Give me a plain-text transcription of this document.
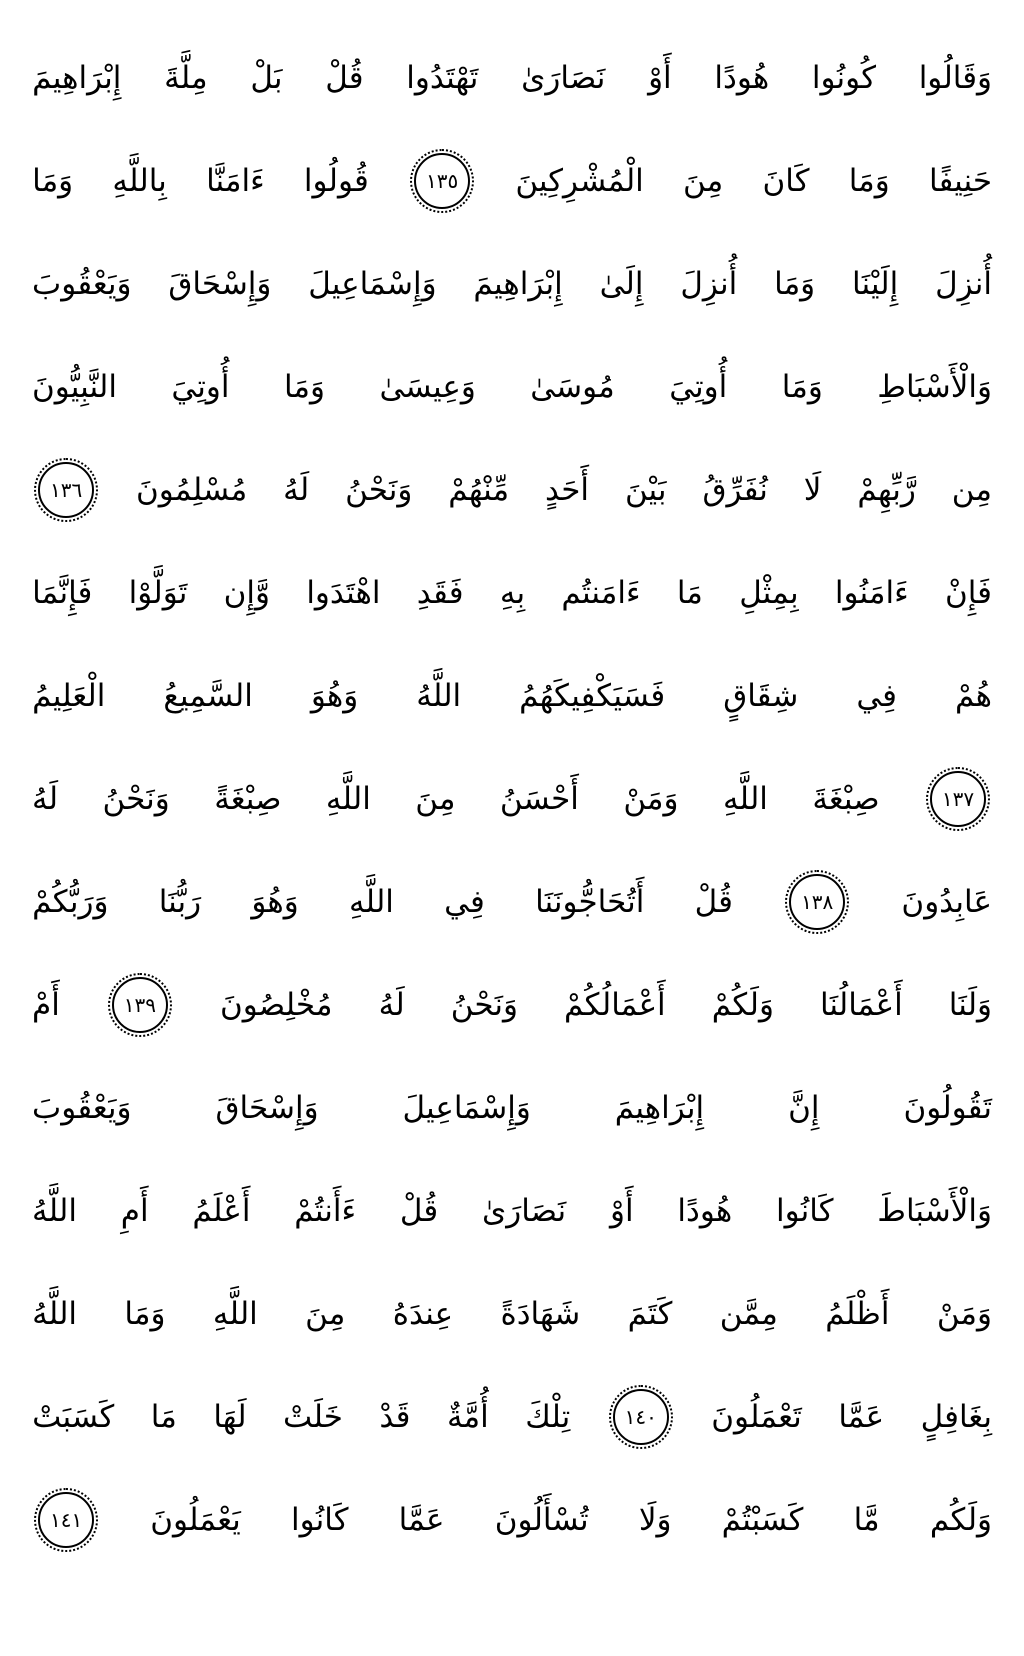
وَقَالُوا
كُونُوا
هُودًا
أَوْ
نَصَارَىٰ
تَهْتَدُوا
قُلْ
بَلْ
مِلَّةَ
إِبْرَاهِيمَ
حَنِيفًا
وَمَا
كَانَ
مِنَ
الْمُشْرِكِينَ
١٣٥
قُولُوا
ءَامَنَّا
بِاللَّهِ
وَمَا
أُنزِلَ
إِلَيْنَا
وَمَا
أُنزِلَ
إِلَىٰ
إِبْرَاهِيمَ
وَإِسْمَاعِيلَ
وَإِسْحَاقَ
وَيَعْقُوبَ
وَالْأَسْبَاطِ
وَمَا
أُوتِيَ
مُوسَىٰ
وَعِيسَىٰ
وَمَا
أُوتِيَ
النَّبِيُّونَ
مِن
رَّبِّهِمْ
لَا
نُفَرِّقُ
بَيْنَ
أَحَدٍ
مِّنْهُمْ
وَنَحْنُ
لَهُ
مُسْلِمُونَ
١٣٦
فَإِنْ
ءَامَنُوا
بِمِثْلِ
مَا
ءَامَنتُم
بِهِ
فَقَدِ
اهْتَدَوا
وَّإِن
تَوَلَّوْا
فَإِنَّمَا
هُمْ
فِي
شِقَاقٍ
فَسَيَكْفِيكَهُمُ
اللَّهُ
وَهُوَ
السَّمِيعُ
الْعَلِيمُ
١٣٧
صِبْغَةَ
اللَّهِ
وَمَنْ
أَحْسَنُ
مِنَ
اللَّهِ
صِبْغَةً
وَنَحْنُ
لَهُ
عَابِدُونَ
١٣٨
قُلْ
أَتُحَاجُّونَنَا
فِي
اللَّهِ
وَهُوَ
رَبُّنَا
وَرَبُّكُمْ
وَلَنَا
أَعْمَالُنَا
وَلَكُمْ
أَعْمَالُكُمْ
وَنَحْنُ
لَهُ
مُخْلِصُونَ
١٣٩
أَمْ
تَقُولُونَ
إِنَّ
إِبْرَاهِيمَ
وَإِسْمَاعِيلَ
وَإِسْحَاقَ
وَيَعْقُوبَ
وَالْأَسْبَاطَ
كَانُوا
هُودًا
أَوْ
نَصَارَىٰ
قُلْ
ءَأَنتُمْ
أَعْلَمُ
أَمِ
اللَّهُ
وَمَنْ
أَظْلَمُ
مِمَّن
كَتَمَ
شَهَادَةً
عِندَهُ
مِنَ
اللَّهِ
وَمَا
اللَّهُ
بِغَافِلٍ
عَمَّا
تَعْمَلُونَ
١٤٠
تِلْكَ
أُمَّةٌ
قَدْ
خَلَتْ
لَهَا
مَا
كَسَبَتْ
وَلَكُم
مَّا
كَسَبْتُمْ
وَلَا
تُسْأَلُونَ
عَمَّا
كَانُوا
يَعْمَلُونَ
١٤١
